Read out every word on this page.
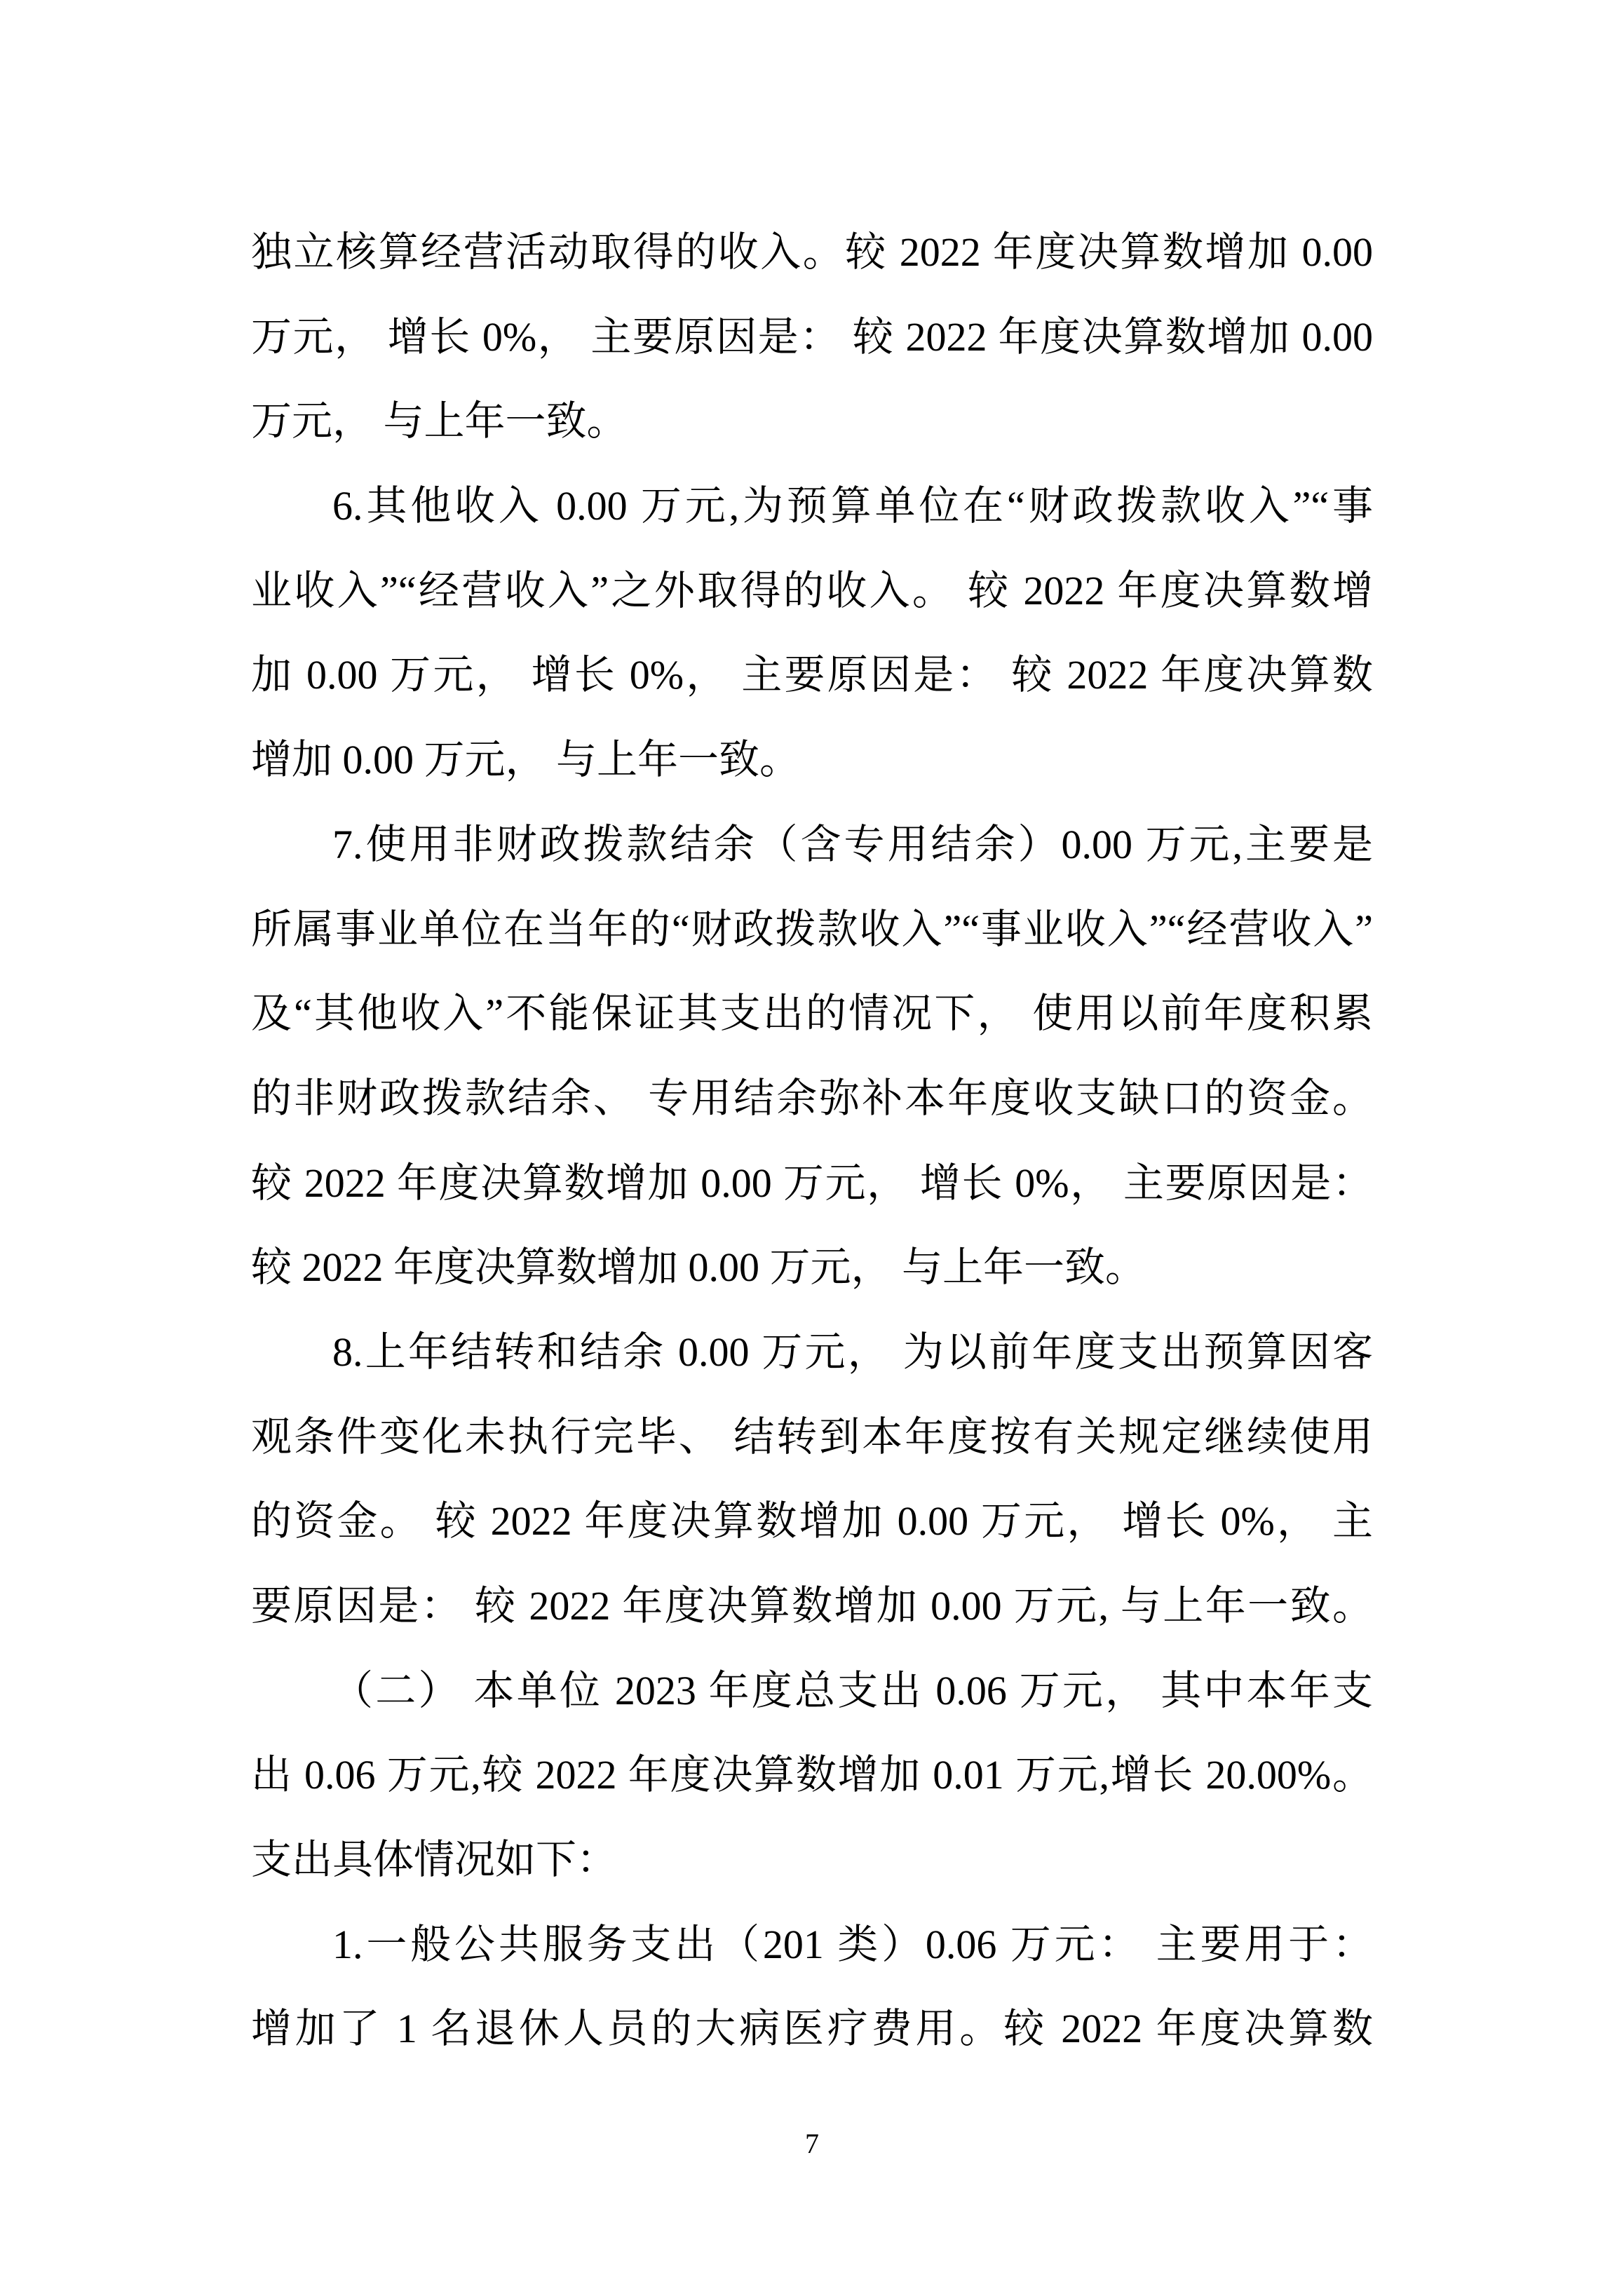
独立核算经营活动取得的收入。较 2022 年度决算数增加 0.00
万元， 增长 0%， 主要原因是： 较 2022 年度决算数增加 0.00
万元， 与上年一致。
6.其他收入 0.00 万元,为预算单位在“财政拨款收入”“事
业收入”“经营收入”之外取得的收入。 较 2022 年度决算数增
加 0.00 万元， 增长 0%， 主要原因是： 较 2022 年度决算数
增加 0.00 万元， 与上年一致。
7.使用非财政拨款结余（含专用结余）0.00 万元,主要是
所属事业单位在当年的“财政拨款收入”“事业收入”“经营收入”
及“其他收入”不能保证其支出的情况下， 使用以前年度积累
的非财政拨款结余、 专用结余弥补本年度收支缺口的资金。
较 2022 年度决算数增加 0.00 万元， 增长 0%， 主要原因是：
较 2022 年度决算数增加 0.00 万元， 与上年一致。
8.上年结转和结余 0.00 万元， 为以前年度支出预算因客
观条件变化未执行完毕、 结转到本年度按有关规定继续使用
的资金。 较 2022 年度决算数增加 0.00 万元， 增长 0%， 主
要原因是： 较 2022 年度决算数增加 0.00 万元, 与上年一致。
（二） 本单位 2023 年度总支出 0.06 万元， 其中本年支
出 0.06 万元,较 2022 年度决算数增加 0.01 万元,增长 20.00%。
支出具体情况如下：
1.一般公共服务支出（201 类）0.06 万元： 主要用于：
增加了 1 名退休人员的大病医疗费用。较 2022 年度决算数
7
